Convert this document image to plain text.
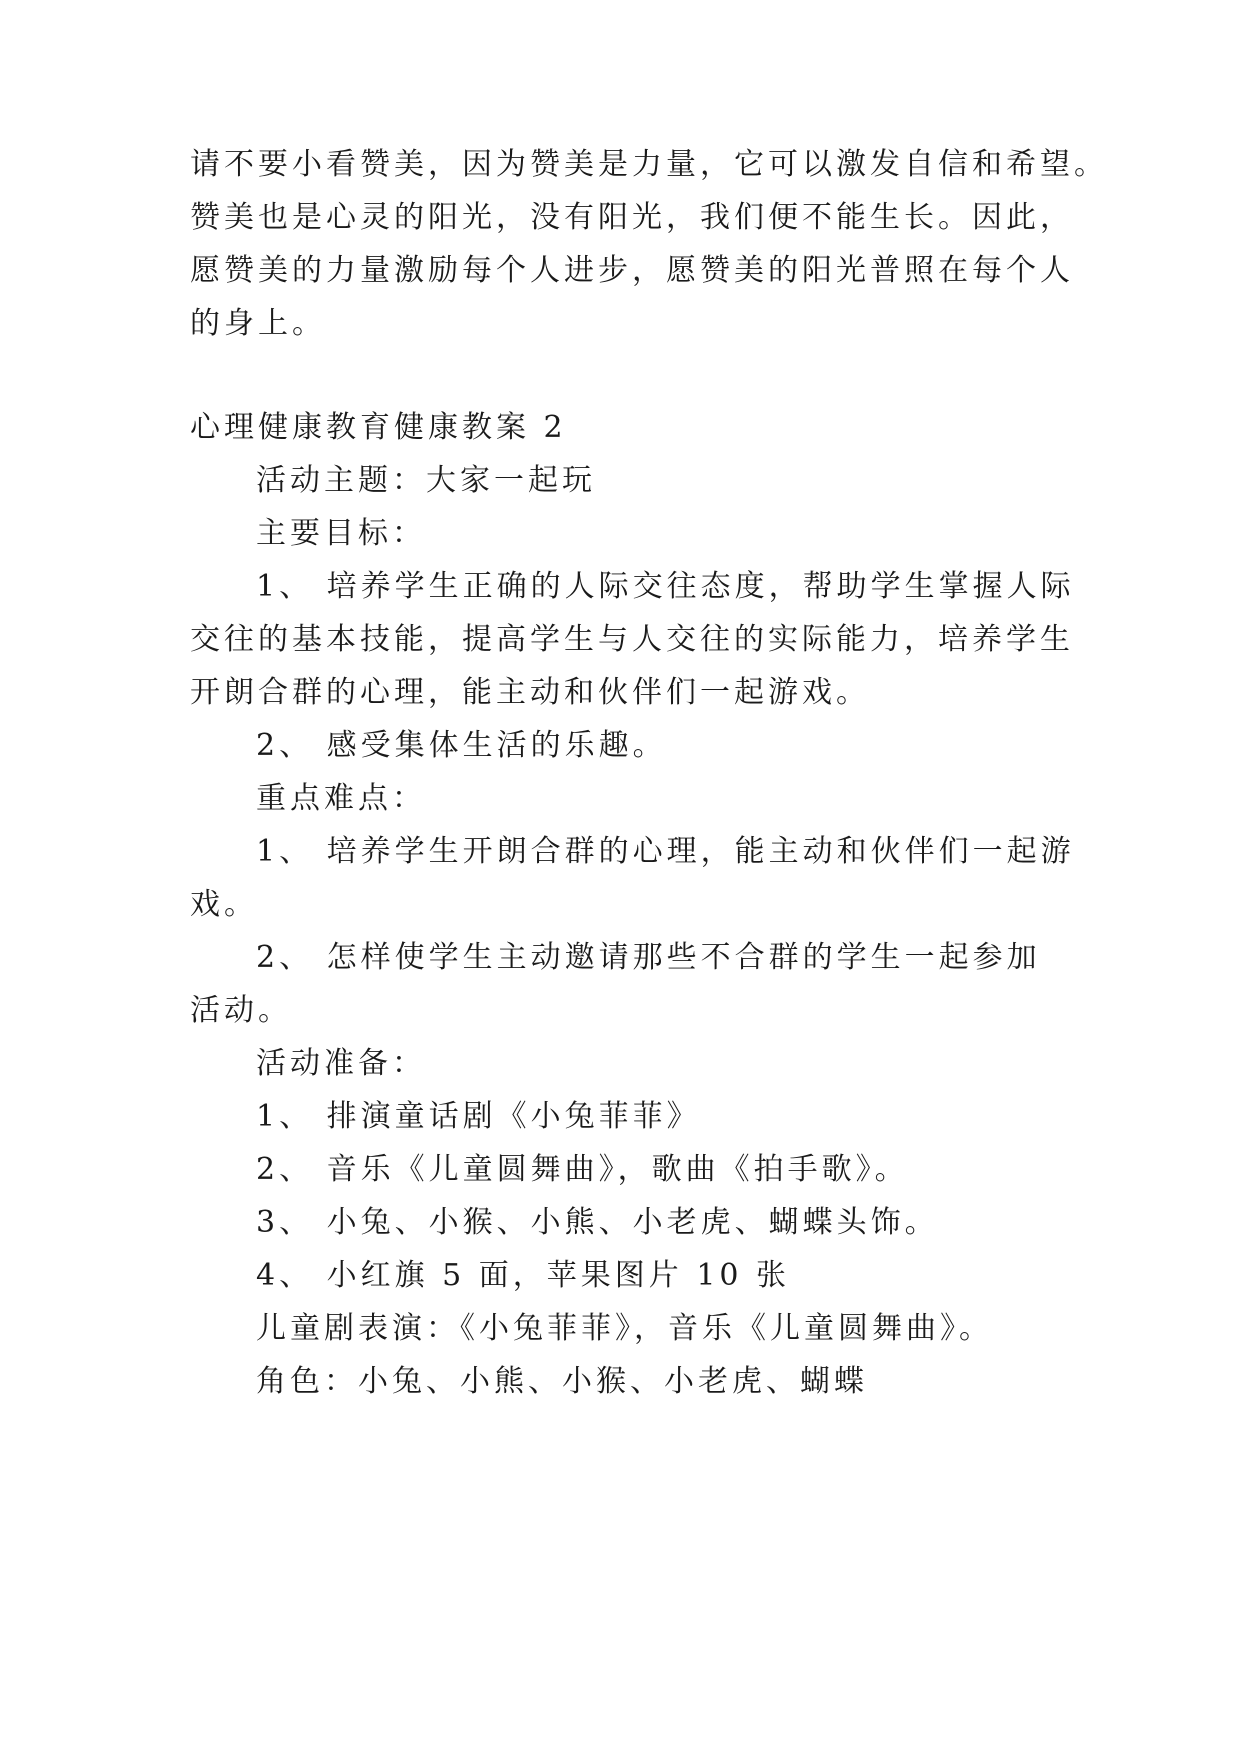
请不要小看赞美，因为赞美是力量，它可以激发自信和希望。
赞美也是心灵的阳光，没有阳光，我们便不能生长。因此，
愿赞美的力量激励每个人进步，愿赞美的阳光普照在每个人
的身上。
心理健康教育健康教案 2
活动主题：大家一起玩
主要目标：
1、 培养学生正确的人际交往态度，帮助学生掌握人际
交往的基本技能，提高学生与人交往的实际能力，培养学生
开朗合群的心理，能主动和伙伴们一起游戏。
2、 感受集体生活的乐趣。
重点难点：
1、 培养学生开朗合群的心理，能主动和伙伴们一起游
戏。
2、 怎样使学生主动邀请那些不合群的学生一起参加
活动。
活动准备：
1、 排演童话剧《小兔菲菲》
2、 音乐《儿童圆舞曲》，歌曲《拍手歌》。
3、 小兔、小猴、小熊、小老虎、蝴蝶头饰。
4、 小红旗 5 面，苹果图片 10 张
儿童剧表演：《小兔菲菲》，音乐《儿童圆舞曲》。
角色：小兔、小熊、小猴、小老虎、蝴蝶
